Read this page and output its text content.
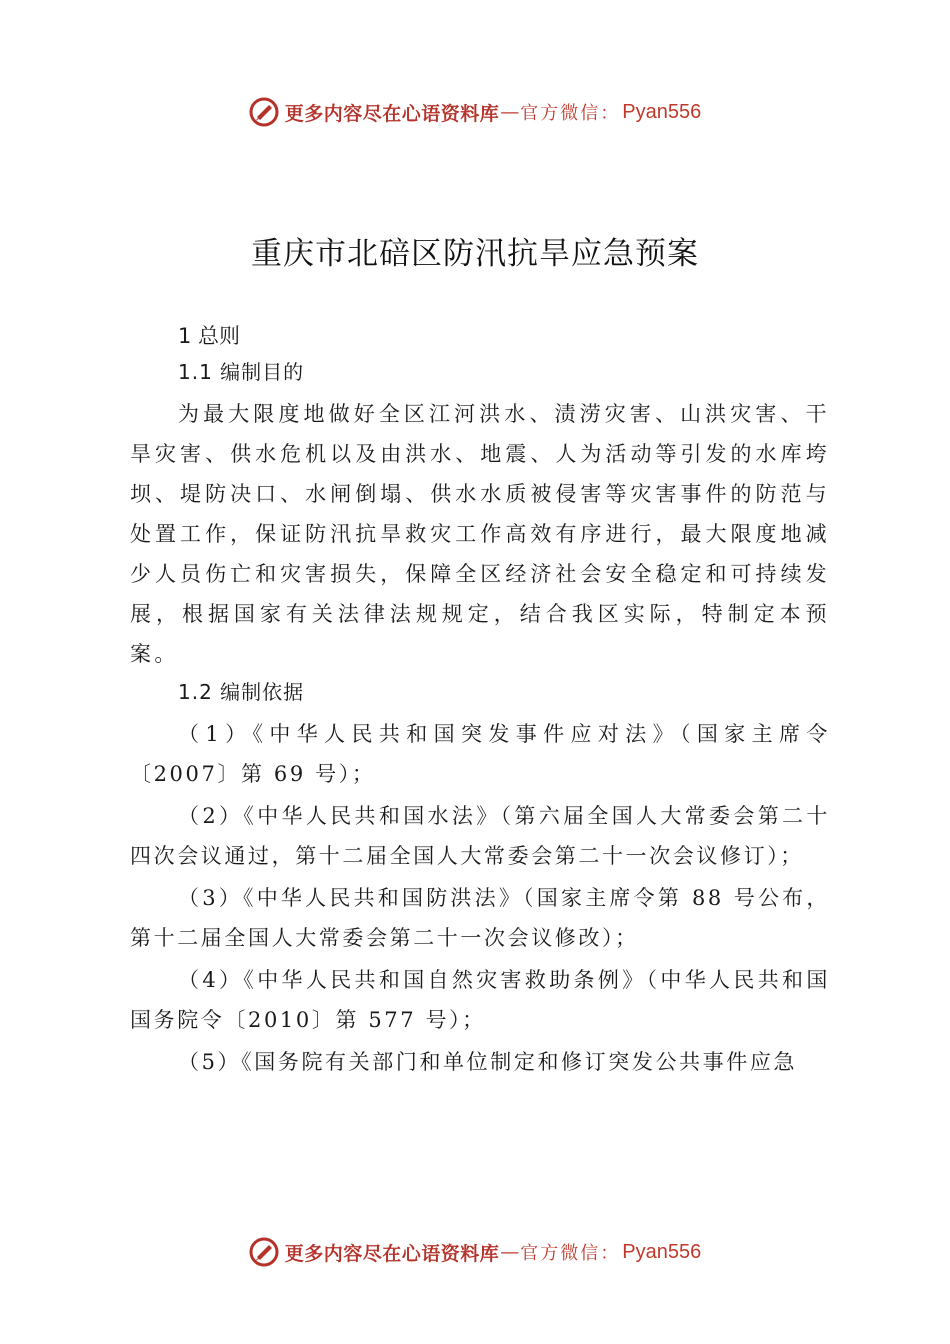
更多内容尽在心语资料库 — 官方微信： Pyan556
重庆市北碚区防汛抗旱应急预案
1 总则
1.1 编制目的

为最大限度地做好全区江河洪水、渍涝灾害、山洪灾害、干旱灾害、供水危机以及由洪水、地震、人为活动等引发的水库垮坝、堤防决口、水闸倒塌、供水水质被侵害等灾害事件的防范与处置工作，保证防汛抗旱救灾工作高效有序进行，最大限度地减少人员伤亡和灾害损失，保障全区经济社会安全稳定和可持续发展，根据国家有关法律法规规定，结合我区实际，特制定本预案。

1.2 编制依据

（1）《中华人民共和国突发事件应对法》（国家主席令〔2007〕第 69 号）；

（2）《中华人民共和国水法》（第六届全国人大常委会第二十四次会议通过，第十二届全国人大常委会第二十一次会议修订）；

（3）《中华人民共和国防洪法》（国家主席令第 88 号公布，第十二届全国人大常委会第二十一次会议修改）；

（4）《中华人民共和国自然灾害救助条例》（中华人民共和国国务院令〔2010〕第 577 号）；

（5）《国务院有关部门和单位制定和修订突发公共事件应急

更多内容尽在心语资料库 — 官方微信： Pyan556
